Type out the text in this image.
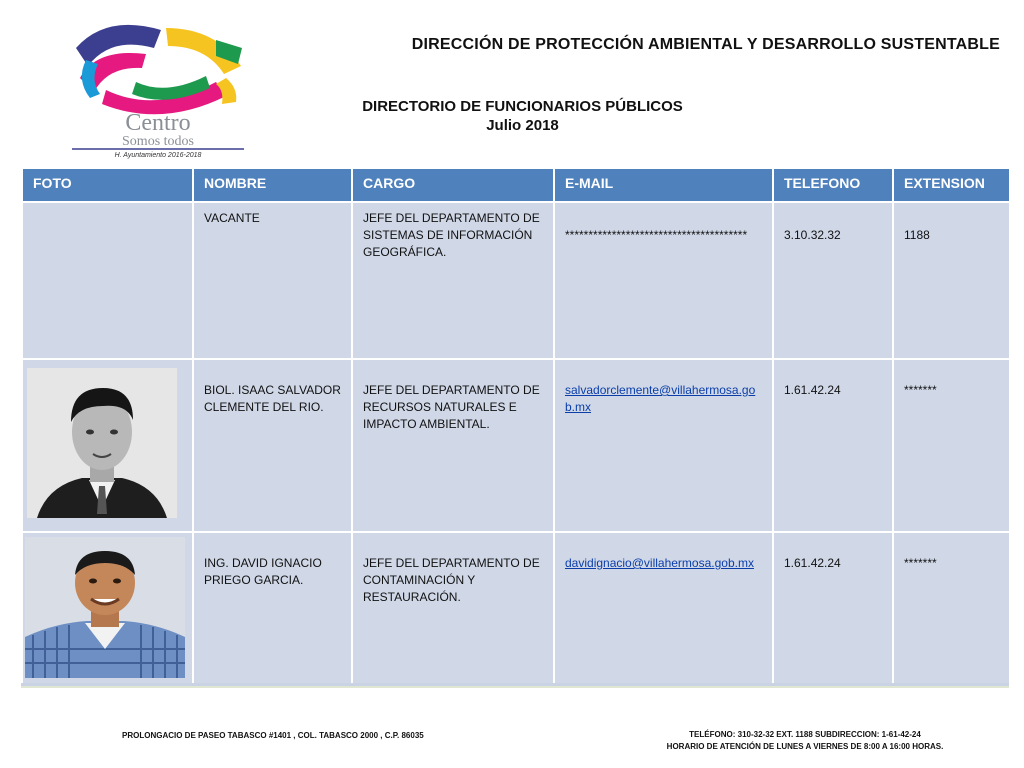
Centro
Somos todos
H. Ayuntamiento 2016-2018
DIRECCIÓN DE PROTECCIÓN AMBIENTAL Y DESARROLLO SUSTENTABLE
DIRECTORIO DE FUNCIONARIOS PÚBLICOS
Julio 2018
FOTO	NOMBRE	CARGO	E-MAIL	TELEFONO	EXTENSION
	VACANTE	JEFE DEL DEPARTAMENTO DE SISTEMAS DE INFORMACIÓN GEOGRÁFICA.	***************************************	3.10.32.32	1188
	BIOL. ISAAC SALVADOR CLEMENTE DEL RIO.	JEFE DEL DEPARTAMENTO DE RECURSOS NATURALES E IMPACTO AMBIENTAL.	salvadorclemente@villahermosa.gob.mx	1.61.42.24	*******
	ING. DAVID IGNACIO PRIEGO GARCIA.	JEFE DEL DEPARTAMENTO DE CONTAMINACIÓN Y RESTAURACIÓN.	davidignacio@villahermosa.gob.mx	1.61.42.24	*******
PROLONGACIO DE PASEO TABASCO #1401 , COL. TABASCO 2000 , C.P. 86035	TELÉFONO: 310-32-32 EXT. 1188 SUBDIRECCION: 1-61-42-24
HORARIO DE ATENCIÓN DE LUNES A VIERNES DE 8:00 A 16:00 HORAS.
